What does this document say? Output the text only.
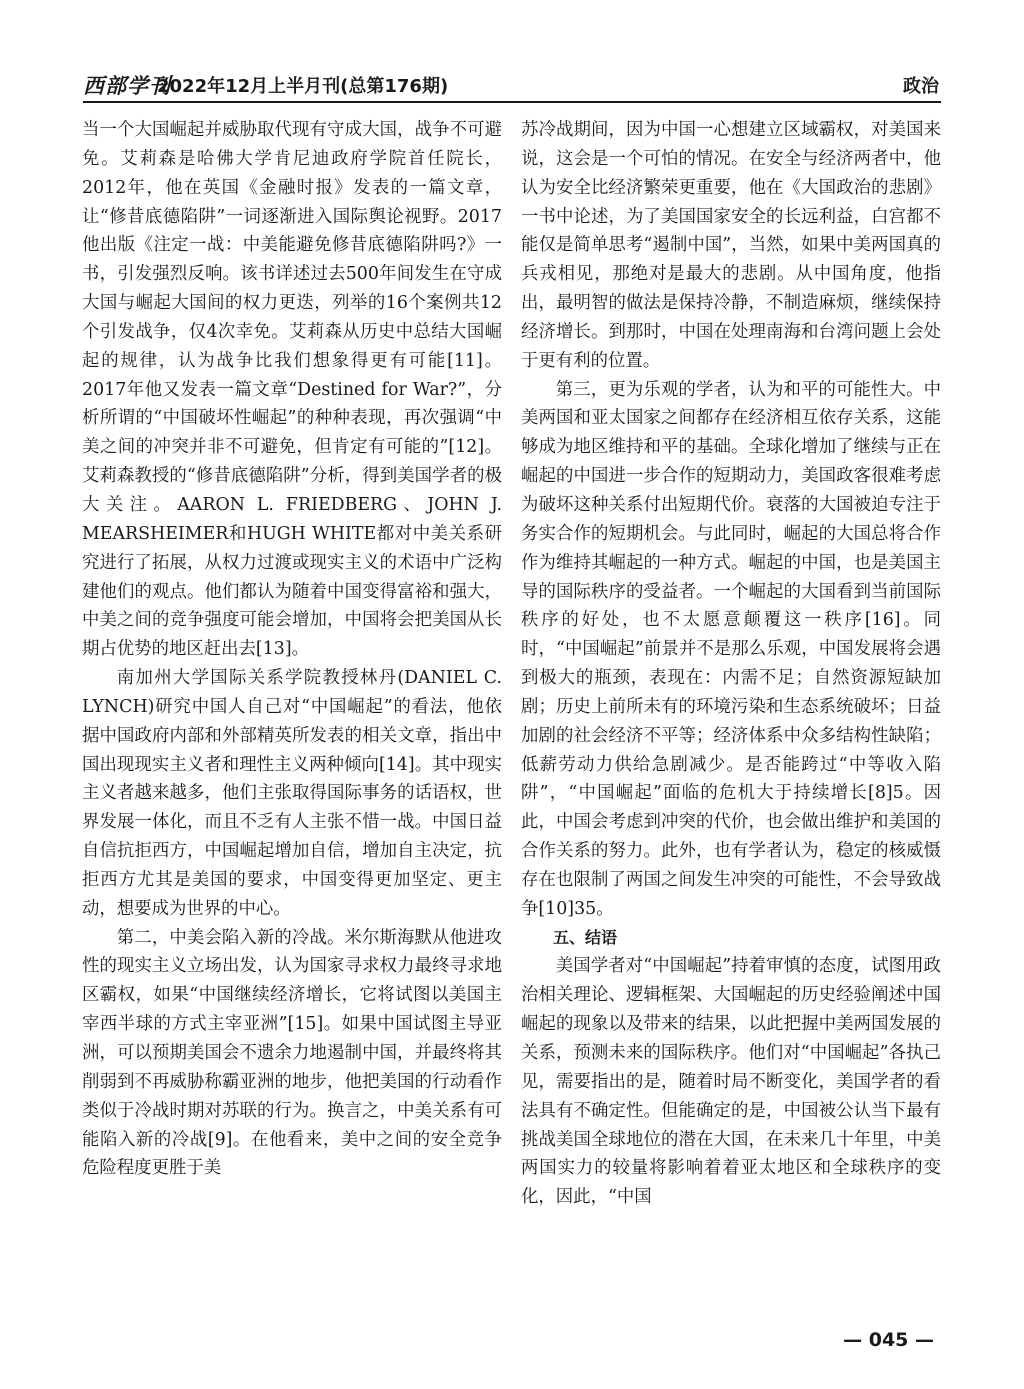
西部学刊
2022年12月上半月刊(总第176期)	政治

当一个大国崛起并威胁取代现有守成大国，战争不可避免。艾莉森是哈佛大学肯尼迪政府学院首任院长，2012年，他在英国《金融时报》发表的一篇文章，让“修昔底德陷阱”一词逐渐进入国际舆论视野。2017他出版《注定一战：中美能避免修昔底德陷阱吗?》一书，引发强烈反响。该书详述过去500年间发生在守成大国与崛起大国间的权力更迭，列举的16个案例共12个引发战争，仅4次幸免。艾莉森从历史中总结大国崛起的规律，认为战争比我们想象得更有可能[11]。2017年他又发表一篇文章“Destined for War?”，分析所谓的“中国破坏性崛起”的种种表现，再次强调“中美之间的冲突并非不可避免，但肯定有可能的”[12]。艾莉森教授的“修昔底德陷阱”分析，得到美国学者的极大关注。AARON L. FRIEDBERG、JOHN J. MEARSHEIMER和HUGH WHITE都对中美关系研究进行了拓展，从权力过渡或现实主义的术语中广泛构建他们的观点。他们都认为随着中国变得富裕和强大，中美之间的竞争强度可能会增加，中国将会把美国从长期占优势的地区赶出去[13]。

南加州大学国际关系学院教授林丹(DANIEL C. LYNCH)研究中国人自己对“中国崛起”的看法，他依据中国政府内部和外部精英所发表的相关文章，指出中国出现现实主义者和理性主义两种倾向[14]。其中现实主义者越来越多，他们主张取得国际事务的话语权，世界发展一体化，而且不乏有人主张不惜一战。中国日益自信抗拒西方，中国崛起增加自信，增加自主决定，抗拒西方尤其是美国的要求，中国变得更加坚定、更主动，想要成为世界的中心。

第二，中美会陷入新的冷战。米尔斯海默从他进攻性的现实主义立场出发，认为国家寻求权力最终寻求地区霸权，如果“中国继续经济增长，它将试图以美国主宰西半球的方式主宰亚洲”[15]。如果中国试图主导亚洲，可以预期美国会不遗余力地遏制中国，并最终将其削弱到不再威胁称霸亚洲的地步，他把美国的行动看作类似于冷战时期对苏联的行为。换言之，中美关系有可能陷入新的冷战[9]。在他看来，美中之间的安全竞争危险程度更胜于美

苏冷战期间，因为中国一心想建立区域霸权，对美国来说，这会是一个可怕的情况。在安全与经济两者中，他认为安全比经济繁荣更重要，他在《大国政治的悲剧》一书中论述，为了美国国家安全的长远利益，白宫都不能仅是简单思考“遏制中国”，当然，如果中美两国真的兵戎相见，那绝对是最大的悲剧。从中国角度，他指出，最明智的做法是保持冷静，不制造麻烦，继续保持经济增长。到那时，中国在处理南海和台湾问题上会处于更有利的位置。

第三，更为乐观的学者，认为和平的可能性大。中美两国和亚太国家之间都存在经济相互依存关系，这能够成为地区维持和平的基础。全球化增加了继续与正在崛起的中国进一步合作的短期动力，美国政客很难考虑为破坏这种关系付出短期代价。衰落的大国被迫专注于务实合作的短期机会。与此同时，崛起的大国总将合作作为维持其崛起的一种方式。崛起的中国，也是美国主导的国际秩序的受益者。一个崛起的大国看到当前国际秩序的好处，也不太愿意颠覆这一秩序[16]。同时，“中国崛起”前景并不是那么乐观，中国发展将会遇到极大的瓶颈，表现在：内需不足；自然资源短缺加剧；历史上前所未有的环境污染和生态系统破坏；日益加剧的社会经济不平等；经济体系中众多结构性缺陷；低薪劳动力供给急剧减少。是否能跨过“中等收入陷阱”，“中国崛起”面临的危机大于持续增长[8]5。因此，中国会考虑到冲突的代价，也会做出维护和美国的合作关系的努力。此外，也有学者认为，稳定的核威慑存在也限制了两国之间发生冲突的可能性，不会导致战争[10]35。

五、结语

美国学者对“中国崛起”持着审慎的态度，试图用政治相关理论、逻辑框架、大国崛起的历史经验阐述中国崛起的现象以及带来的结果，以此把握中美两国发展的关系，预测未来的国际秩序。他们对“中国崛起”各执己见，需要指出的是，随着时局不断变化，美国学者的看法具有不确定性。但能确定的是，中国被公认当下最有挑战美国全球地位的潜在大国，在未来几十年里，中美两国实力的较量将影响着着亚太地区和全球秩序的变化，因此，“中国

— 045 —
